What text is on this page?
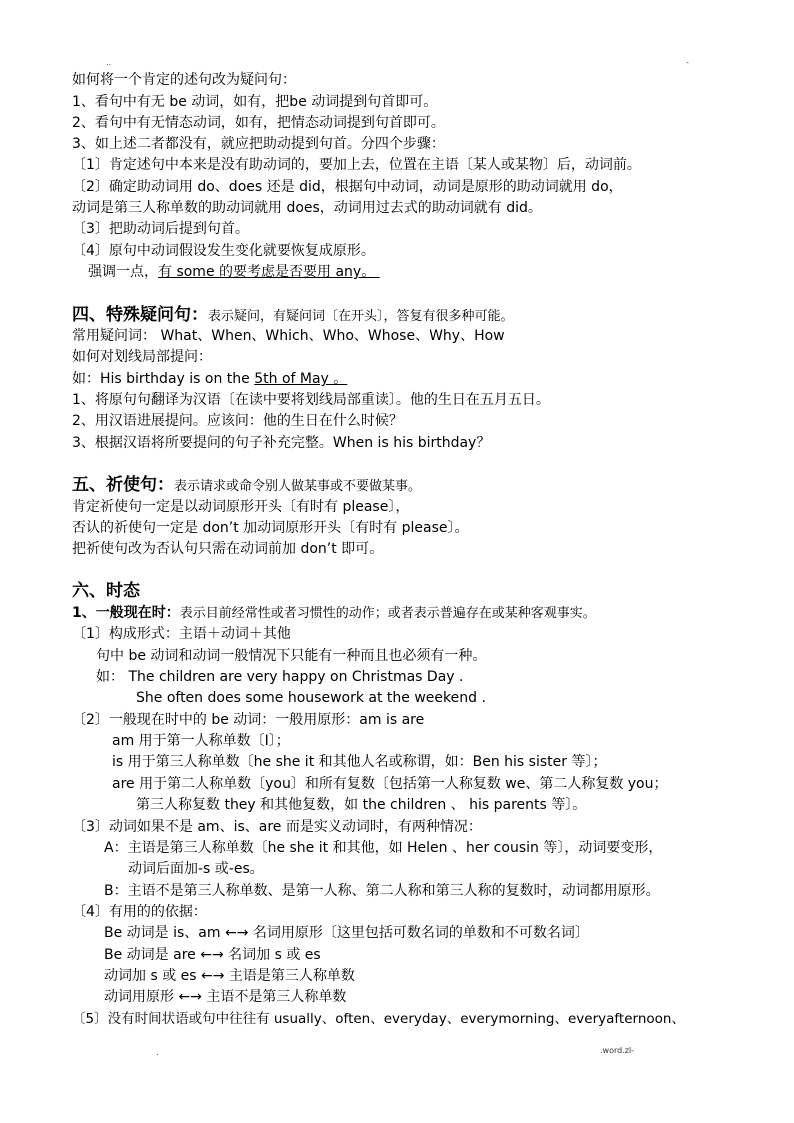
..	-
如何将一个肯定的述句改为疑问句：
1、看句中有无 be 动词，如有，把be 动词提到句首即可。
2、看句中有无情态动词，如有，把情态动词提到句首即可。
3、如上述二者都没有，就应把助动提到句首。分四个步骤：
〔1〕肯定述句中本来是没有助动词的，要加上去，位置在主语〔某人或某物〕后，动词前。
〔2〕确定助动词用 do、does 还是 did，根据句中动词，动词是原形的助动词就用 do，
动词是第三人称单数的助动词就用 does，动词用过去式的助动词就有 did。
〔3〕把助动词后提到句首。
〔4〕原句中动词假设发生变化就要恢复成原形。
强调一点，有 some 的要考虑是否要用 any。
四、特殊疑问句：表示疑问，有疑问词〔在开头〕，答复有很多种可能。
常用疑问词： What、When、Which、Who、Whose、Why、How
如何对划线局部提问：
如：His birthday is on the 5th of May 。
1、将原句句翻译为汉语〔在读中要将划线局部重读〕。他的生日在五月五日。
2、用汉语进展提问。应该问：他的生日在什么时候？
3、根据汉语将所要提问的句子补充完整。When is his birthday？
五、祈使句：表示请求或命令别人做某事或不要做某事。
肯定祈使句一定是以动词原形开头〔有时有 please〕，
否认的祈使句一定是 don’t 加动词原形开头〔有时有 please〕。
把祈使句改为否认句只需在动词前加 don’t 即可。
六、时态
1、一般现在时：表示目前经常性或者习惯性的动作；或者表示普遍存在或某种客观事实。
〔1〕构成形式：主语＋动词＋其他
句中 be 动词和动词一般情况下只能有一种而且也必须有一种。
如： The children are very happy on Christmas Day .
She often does some housework at the weekend .
〔2〕一般现在时中的 be 动词：一般用原形：am is are
am 用于第一人称单数〔I〕；
is 用于第三人称单数〔he she it 和其他人名或称谓，如：Ben his sister 等〕；
are 用于第二人称单数〔you〕和所有复数〔包括第一人称复数 we、第二人称复数 you；
第三人称复数 they 和其他复数，如 the children 、 his parents 等〕。
〔3〕动词如果不是 am、is、are 而是实义动词时，有两种情况：
A：主语是第三人称单数〔he she it 和其他，如 Helen 、her cousin 等〕，动词要变形，
动词后面加-s 或-es。
B：主语不是第三人称单数、是第一人称、第二人称和第三人称的复数时，动词都用原形。
〔4〕有用的的依据：
Be 动词是 is、am ←→ 名词用原形〔这里包括可数名词的单数和不可数名词〕
Be 动词是 are ←→ 名词加 s 或 es
动词加 s 或 es ←→ 主语是第三人称单数
动词用原形 ←→ 主语不是第三人称单数
〔5〕没有时间状语或句中往往有 usually、often、everyday、everymorning、everyafternoon、
.	.word.zl-
